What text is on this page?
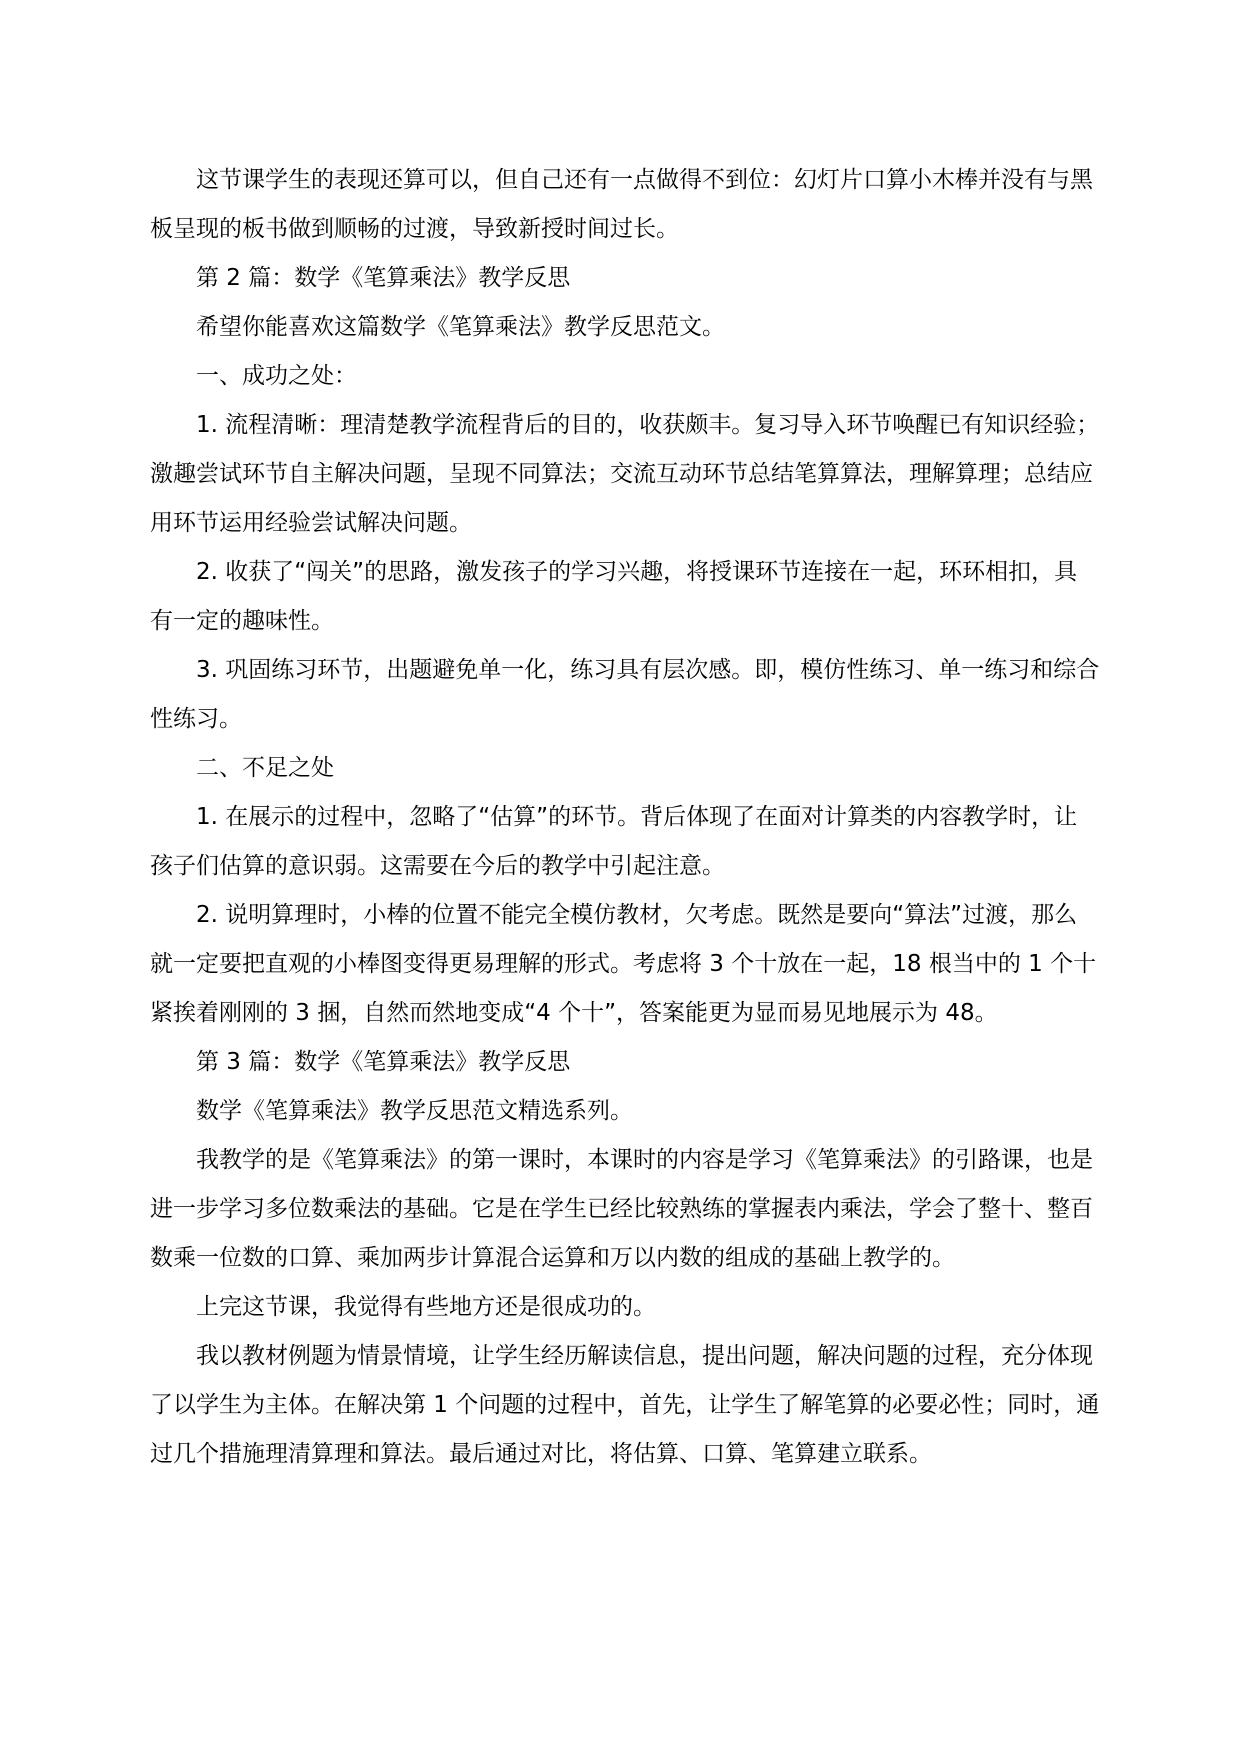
这节课学生的表现还算可以，但自己还有一点做得不到位：幻灯片口算小木棒并没有与黑板呈现的板书做到顺畅的过渡，导致新授时间过长。

第 2 篇：数学《笔算乘法》教学反思

希望你能喜欢这篇数学《笔算乘法》教学反思范文。

一、成功之处：

1. 流程清晰：理清楚教学流程背后的目的，收获颇丰。复习导入环节唤醒已有知识经验；激趣尝试环节自主解决问题，呈现不同算法；交流互动环节总结笔算算法，理解算理；总结应用环节运用经验尝试解决问题。

2. 收获了“闯关”的思路，激发孩子的学习兴趣，将授课环节连接在一起，环环相扣，具有一定的趣味性。

3. 巩固练习环节，出题避免单一化，练习具有层次感。即，模仿性练习、单一练习和综合性练习。

二、不足之处

1. 在展示的过程中，忽略了“估算”的环节。背后体现了在面对计算类的内容教学时，让孩子们估算的意识弱。这需要在今后的教学中引起注意。

2. 说明算理时，小棒的位置不能完全模仿教材，欠考虑。既然是要向“算法”过渡，那么就一定要把直观的小棒图变得更易理解的形式。考虑将 3 个十放在一起，18 根当中的 1 个十紧挨着刚刚的 3 捆，自然而然地变成“4 个十”，答案能更为显而易见地展示为 48。

第 3 篇：数学《笔算乘法》教学反思

数学《笔算乘法》教学反思范文精选系列。

我教学的是《笔算乘法》的第一课时，本课时的内容是学习《笔算乘法》的引路课，也是进一步学习多位数乘法的基础。它是在学生已经比较熟练的掌握表内乘法，学会了整十、整百数乘一位数的口算、乘加两步计算混合运算和万以内数的组成的基础上教学的。

上完这节课，我觉得有些地方还是很成功的。

我以教材例题为情景情境，让学生经历解读信息，提出问题，解决问题的过程，充分体现了以学生为主体。在解决第 1 个问题的过程中，首先，让学生了解笔算的必要必性；同时，通过几个措施理清算理和算法。最后通过对比，将估算、口算、笔算建立联系。
